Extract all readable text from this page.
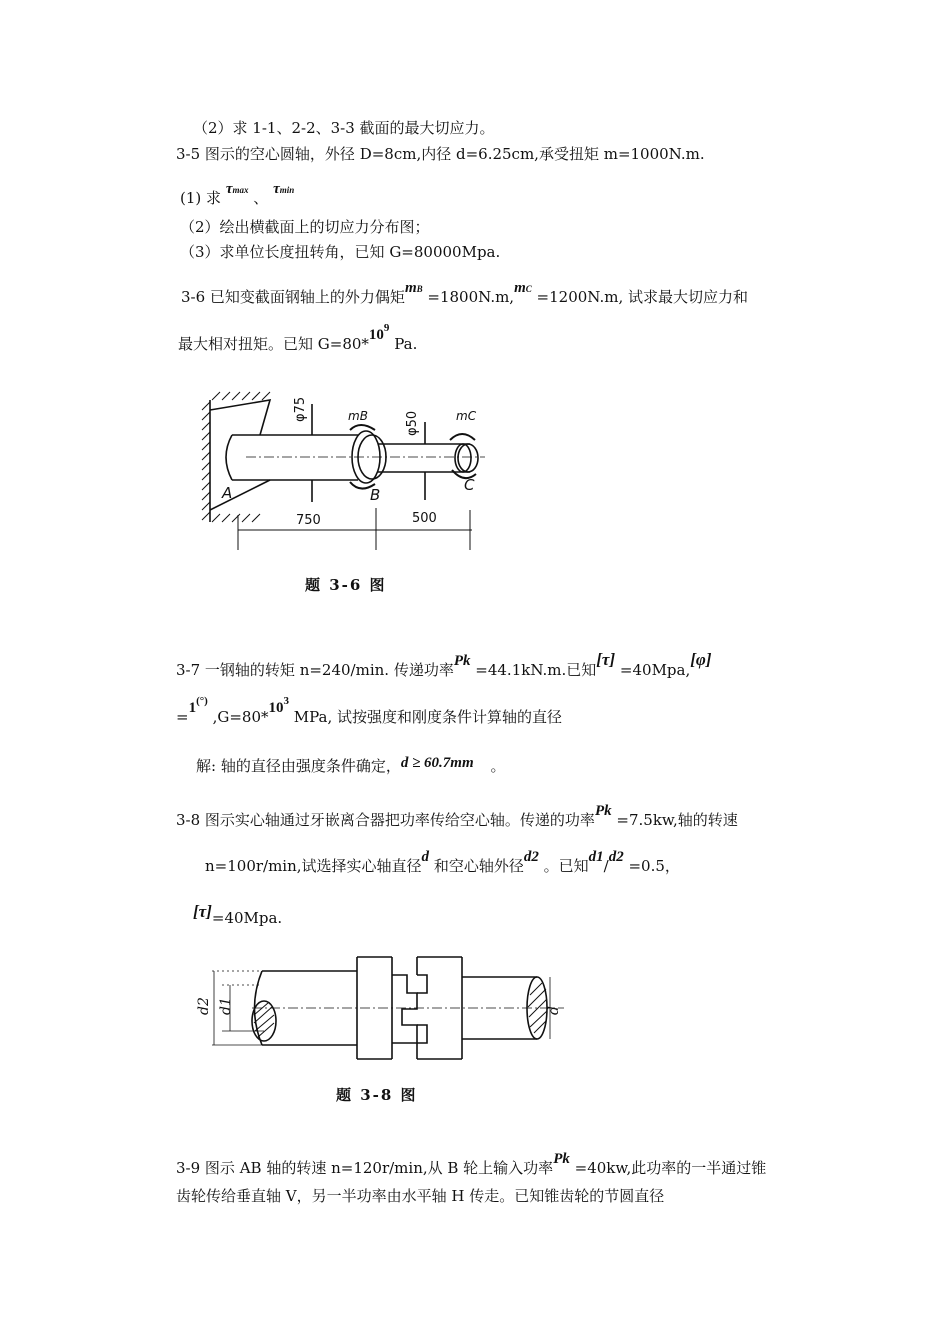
（2）求 1-1、2-2、3-3 截面的最大切应力。
3-5 图示的空心圆轴，外径 D=8cm,内径 d=6.25cm,承受扭矩 m=1000N.m.
(1) 求 τmax 、 τmin
（2）绘出横截面上的切应力分布图；
（3）求单位长度扭转角，已知 G=80000Mpa.
3-6 已知变截面钢轴上的外力偶矩mB =1800N.m,mC =1200N.m, 试求最大切应力和
最大相对扭矩。已知 $G=80*10^9$ Pa.
φ75
φ50
mB	mC
A	B
C
750	500
题 3-6 图
3-7 一钢轴的转矩 n=240/min. 传递功率Pk =44.1kN.m.已知[τ] =40Mpa,[φ]
=1(°) $,G=80*10^3$ MPa, 试按强度和刚度条件计算轴的直径
解: 轴的直径由强度条件确定，d ≥ 60.7mm 。
3-8 图示实心轴通过牙嵌离合器把功率传给空心轴。传递的功率Pk =7.5kw,轴的转速
n=100r/min,试选择实心轴直径d 和空心轴外径d2 。已知d1/d2 =0.5，
[τ]=40Mpa.
d2 d1	d
题 3-8 图
3-9 图示 AB 轴的转速 n=120r/min,从 B 轮上输入功率Pk =40kw,此功率的一半通过锥
齿轮传给垂直轴 V，另一半功率由水平轴 H 传走。已知锥齿轮的节圆直径
